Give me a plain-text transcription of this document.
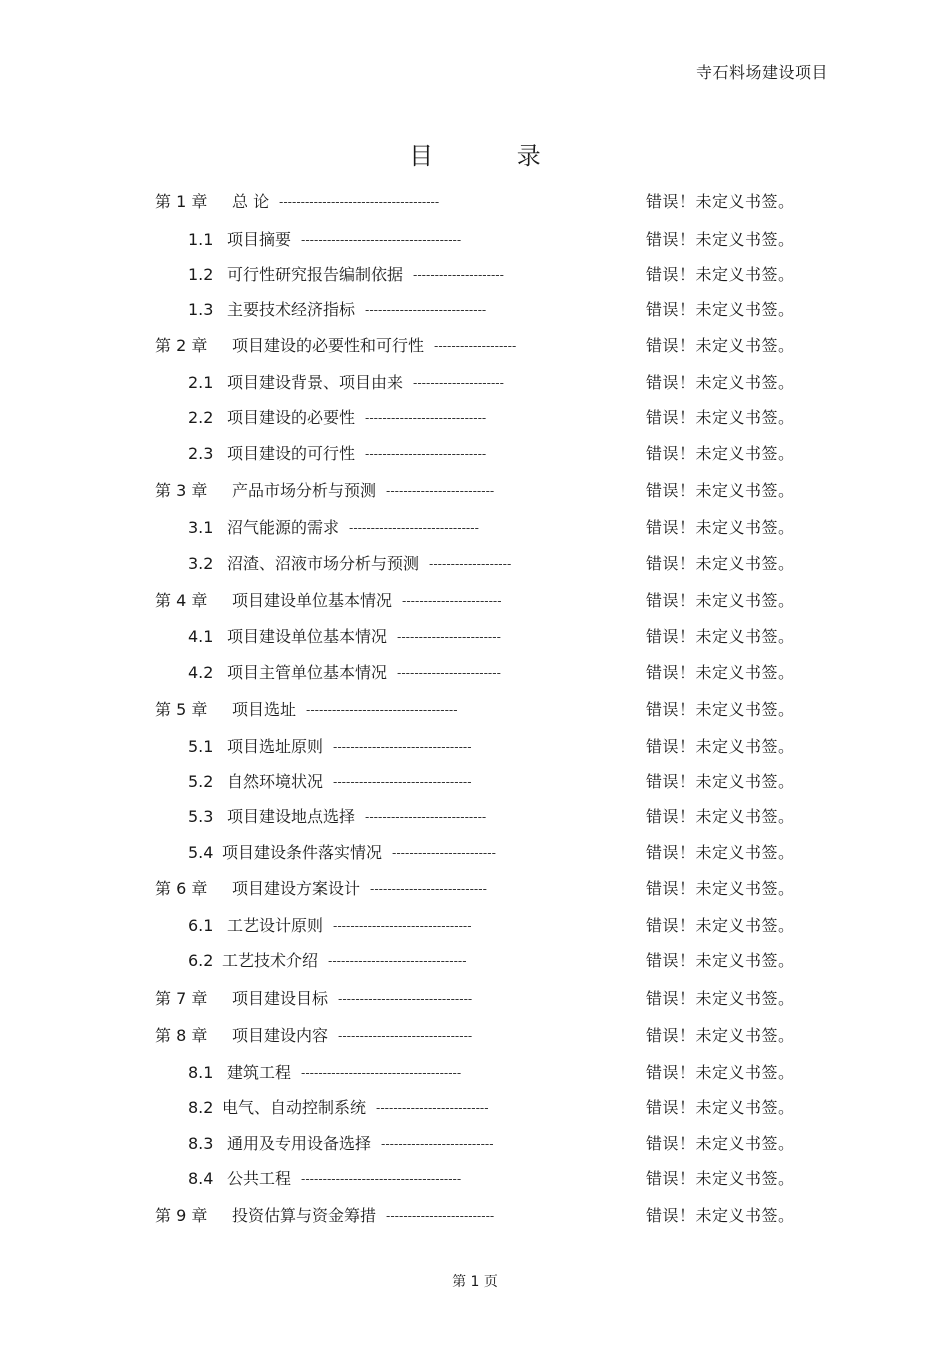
寺石料场建设项目
目 录
第 1 章 总 论 -------------------------------------	错误！未定义书签。
1.1 项目摘要 -------------------------------------	错误！未定义书签。
1.2 可行性研究报告编制依据 ---------------------	错误！未定义书签。
1.3 主要技术经济指标 ----------------------------	错误！未定义书签。
第 2 章 项目建设的必要性和可行性 -------------------	错误！未定义书签。
2.1 项目建设背景、项目由来 ---------------------	错误！未定义书签。
2.2 项目建设的必要性 ----------------------------	错误！未定义书签。
2.3 项目建设的可行性 ----------------------------	错误！未定义书签。
第 3 章 产品市场分析与预测 -------------------------	错误！未定义书签。
3.1 沼气能源的需求 ------------------------------	错误！未定义书签。
3.2 沼渣、沼液市场分析与预测 -------------------	错误！未定义书签。
第 4 章 项目建设单位基本情况 -----------------------	错误！未定义书签。
4.1 项目建设单位基本情况 ------------------------	错误！未定义书签。
4.2 项目主管单位基本情况 ------------------------	错误！未定义书签。
第 5 章 项目选址 -----------------------------------	错误！未定义书签。
5.1 项目选址原则 --------------------------------	错误！未定义书签。
5.2 自然环境状况 --------------------------------	错误！未定义书签。
5.3 项目建设地点选择 ----------------------------	错误！未定义书签。
5.4 项目建设条件落实情况 ------------------------	错误！未定义书签。
第 6 章 项目建设方案设计 ---------------------------	错误！未定义书签。
6.1 工艺设计原则 --------------------------------	错误！未定义书签。
6.2 工艺技术介绍 --------------------------------	错误！未定义书签。
第 7 章 项目建设目标 -------------------------------	错误！未定义书签。
第 8 章 项目建设内容 -------------------------------	错误！未定义书签。
8.1 建筑工程 -------------------------------------	错误！未定义书签。
8.2 电气、自动控制系统 --------------------------	错误！未定义书签。
8.3 通用及专用设备选择 --------------------------	错误！未定义书签。
8.4 公共工程 -------------------------------------	错误！未定义书签。
第 9 章 投资估算与资金筹措 -------------------------	错误！未定义书签。
第 1 页
